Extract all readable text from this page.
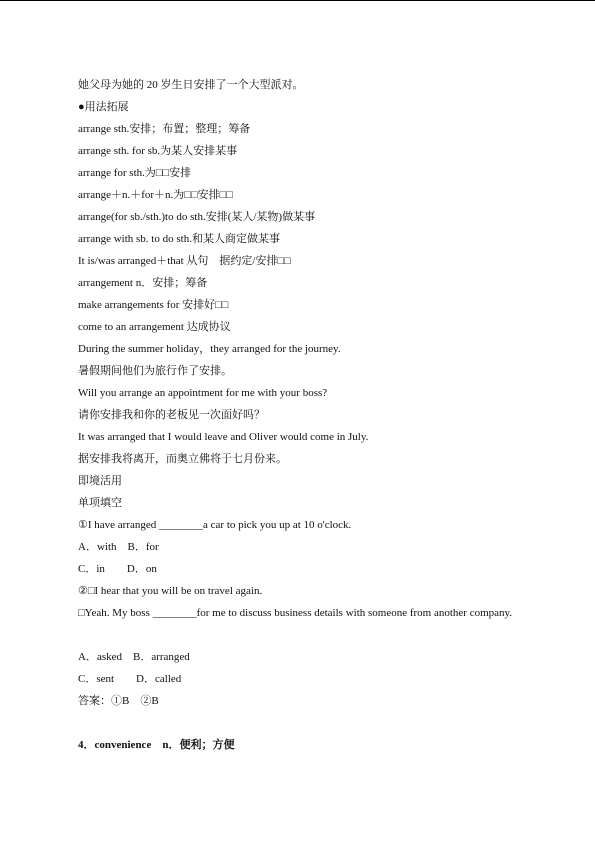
她父母为她的 20 岁生日安排了一个大型派对。
●用法拓展
arrange sth.安排；布置；整理；筹备
arrange sth. for sb.为某人安排某事
arrange for sth.为□□安排
arrange＋n.＋for＋n.为□□安排□□
arrange(for sb./sth.)to do sth.安排(某人/某物)做某事
arrange with sb. to do sth.和某人商定做某事
It is/was arranged＋that 从句　据约定/安排□□
arrangement n．安排；筹备
make arrangements for 安排好□□
come to an arrangement 达成协议
During the summer holiday，they arranged for the journey.
暑假期间他们为旅行作了安排。
Will you arrange an appointment for me with your boss?
请你安排我和你的老板见一次面好吗？
It was arranged that I would leave and Oliver would come in July.
据安排我将离开，而奥立佛将于七月份来。
即境活用
单项填空
①I have arranged ________a car to pick you up at 10 o'clock.
A．with　B．for
C．in　　D．on
②□I hear that you will be on travel again.
□Yeah. My boss ________for me to discuss business details with someone from another company.
A．asked　B．arranged
C．sent　　D．called
答案：①B　②B
4．convenience　n．便利；方便
